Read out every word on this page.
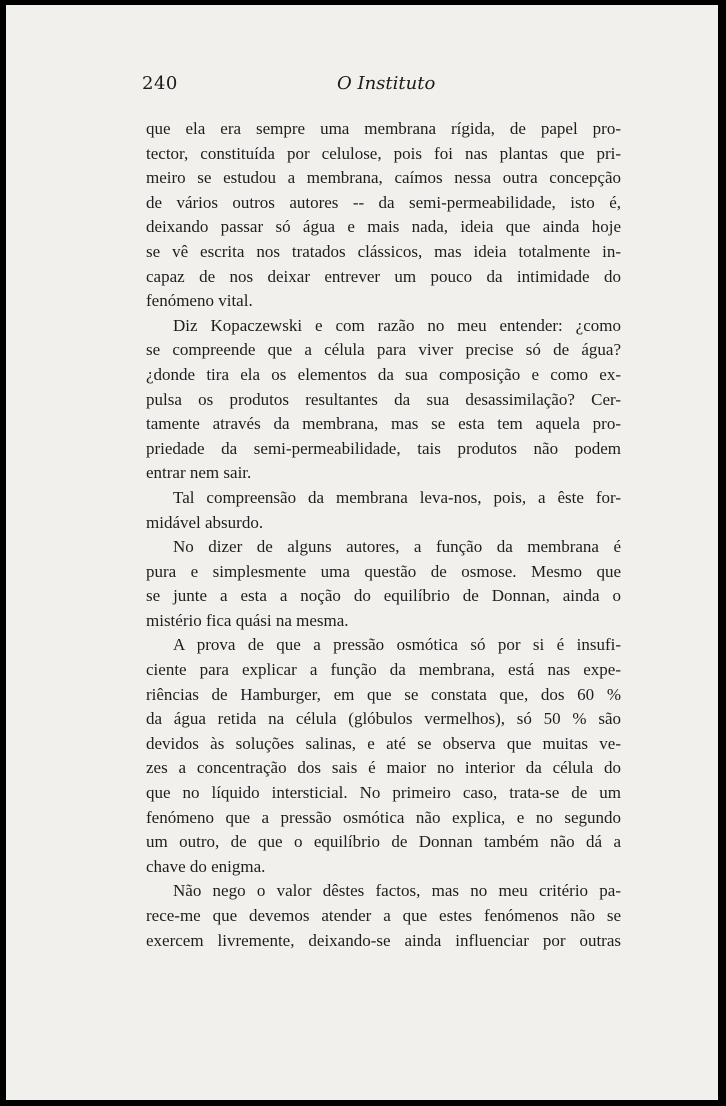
240	O Instituto

que ela era sempre uma membrana rígida, de papel pro-
tector, constituída por celulose, pois foi nas plantas que pri-
meiro se estudou a membrana, caímos nessa outra concepção
de vários outros autores -- da semi-permeabilidade, isto é,
deixando passar só água e mais nada, ideia que ainda hoje
se vê escrita nos tratados clássicos, mas ideia totalmente in-
capaz de nos deixar entrever um pouco da intimidade do
fenómeno vital.

Diz Kopaczewski e com razão no meu entender: ¿como
se compreende que a célula para viver precise só de água?
¿donde tira ela os elementos da sua composição e como ex-
pulsa os produtos resultantes da sua desassimilação? Cer-
tamente através da membrana, mas se esta tem aquela pro-
priedade da semi-permeabilidade, tais produtos não podem
entrar nem sair.

Tal compreensão da membrana leva-nos, pois, a êste for-
midável absurdo.

No dizer de alguns autores, a função da membrana é
pura e simplesmente uma questão de osmose. Mesmo que
se junte a esta a noção do equilíbrio de Donnan, ainda o
mistério fica quási na mesma.

A prova de que a pressão osmótica só por si é insufi-
ciente para explicar a função da membrana, está nas expe-
riências de Hamburger, em que se constata que, dos 60 %
da água retida na célula (glóbulos vermelhos), só 50 % são
devidos às soluções salinas, e até se observa que muitas ve-
zes a concentração dos sais é maior no interior da célula do
que no líquido intersticial. No primeiro caso, trata-se de um
fenómeno que a pressão osmótica não explica, e no segundo
um outro, de que o equilíbrio de Donnan também não dá a
chave do enigma.

Não nego o valor dêstes factos, mas no meu critério pa-
rece-me que devemos atender a que estes fenómenos não se
exercem livremente, deixando-se ainda influenciar por outras
